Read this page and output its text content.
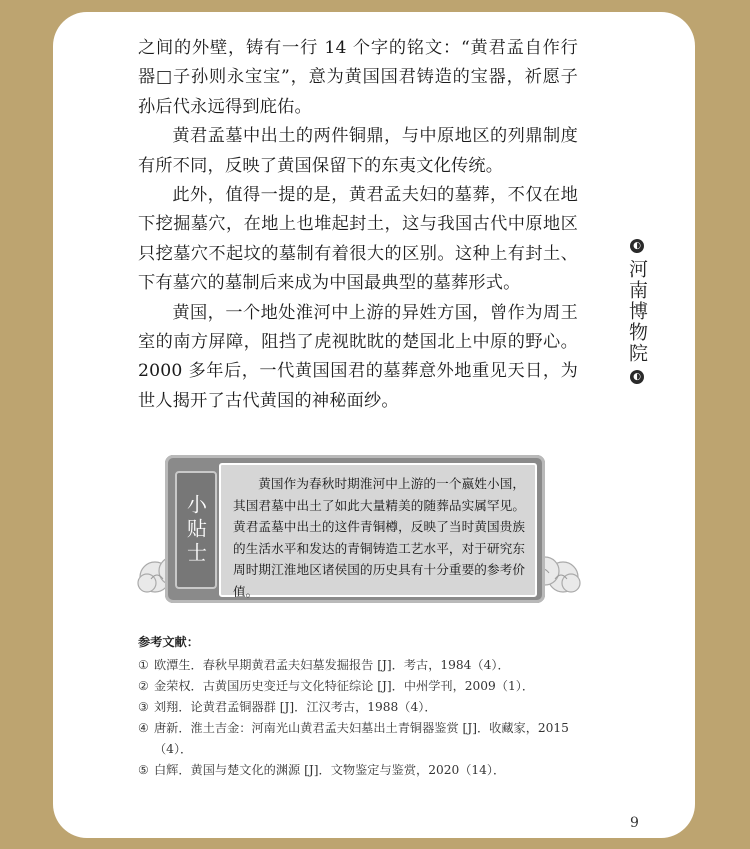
之间的外壁，铸有一行 14 个字的铭文：“黄君孟自作行器□子孙则永宝宝”，意为黄国国君铸造的宝器，祈愿子孙后代永远得到庇佑。

黄君孟墓中出土的两件铜鼎，与中原地区的列鼎制度有所不同，反映了黄国保留下的东夷文化传统。

此外，值得一提的是，黄君孟夫妇的墓葬，不仅在地下挖掘墓穴，在地上也堆起封土，这与我国古代中原地区只挖墓穴不起坟的墓制有着很大的区别。这种上有封土、下有墓穴的墓制后来成为中国最典型的墓葬形式。

黄国，一个地处淮河中上游的异姓方国，曾作为周王室的南方屏障，阻挡了虎视眈眈的楚国北上中原的野心。2000 多年后，一代黄国国君的墓葬意外地重见天日，为世人揭开了古代黄国的神秘面纱。

◐
河南博物院
◐
小贴士
黄国作为春秋时期淮河中上游的一个嬴姓小国，其国君墓中出土了如此大量精美的随葬品实属罕见。黄君孟墓中出土的这件青铜樽，反映了当时黄国贵族的生活水平和发达的青铜铸造工艺水平，对于研究东周时期江淮地区诸侯国的历史具有十分重要的参考价值。
参考文献：
① 欧潭生．春秋早期黄君孟夫妇墓发掘报告 [J]．考古，1984（4）．
② 金荣权．古黄国历史变迁与文化特征综论 [J]．中州学刊，2009（1）．
③ 刘翔．论黄君孟铜器群 [J]．江汉考古，1988（4）．
④ 唐新．淮土吉金：河南光山黄君孟夫妇墓出土青铜器鉴赏 [J]．收藏家，2015（4）．
⑤ 白辉．黄国与楚文化的渊源 [J]．文物鉴定与鉴赏，2020（14）．
9
